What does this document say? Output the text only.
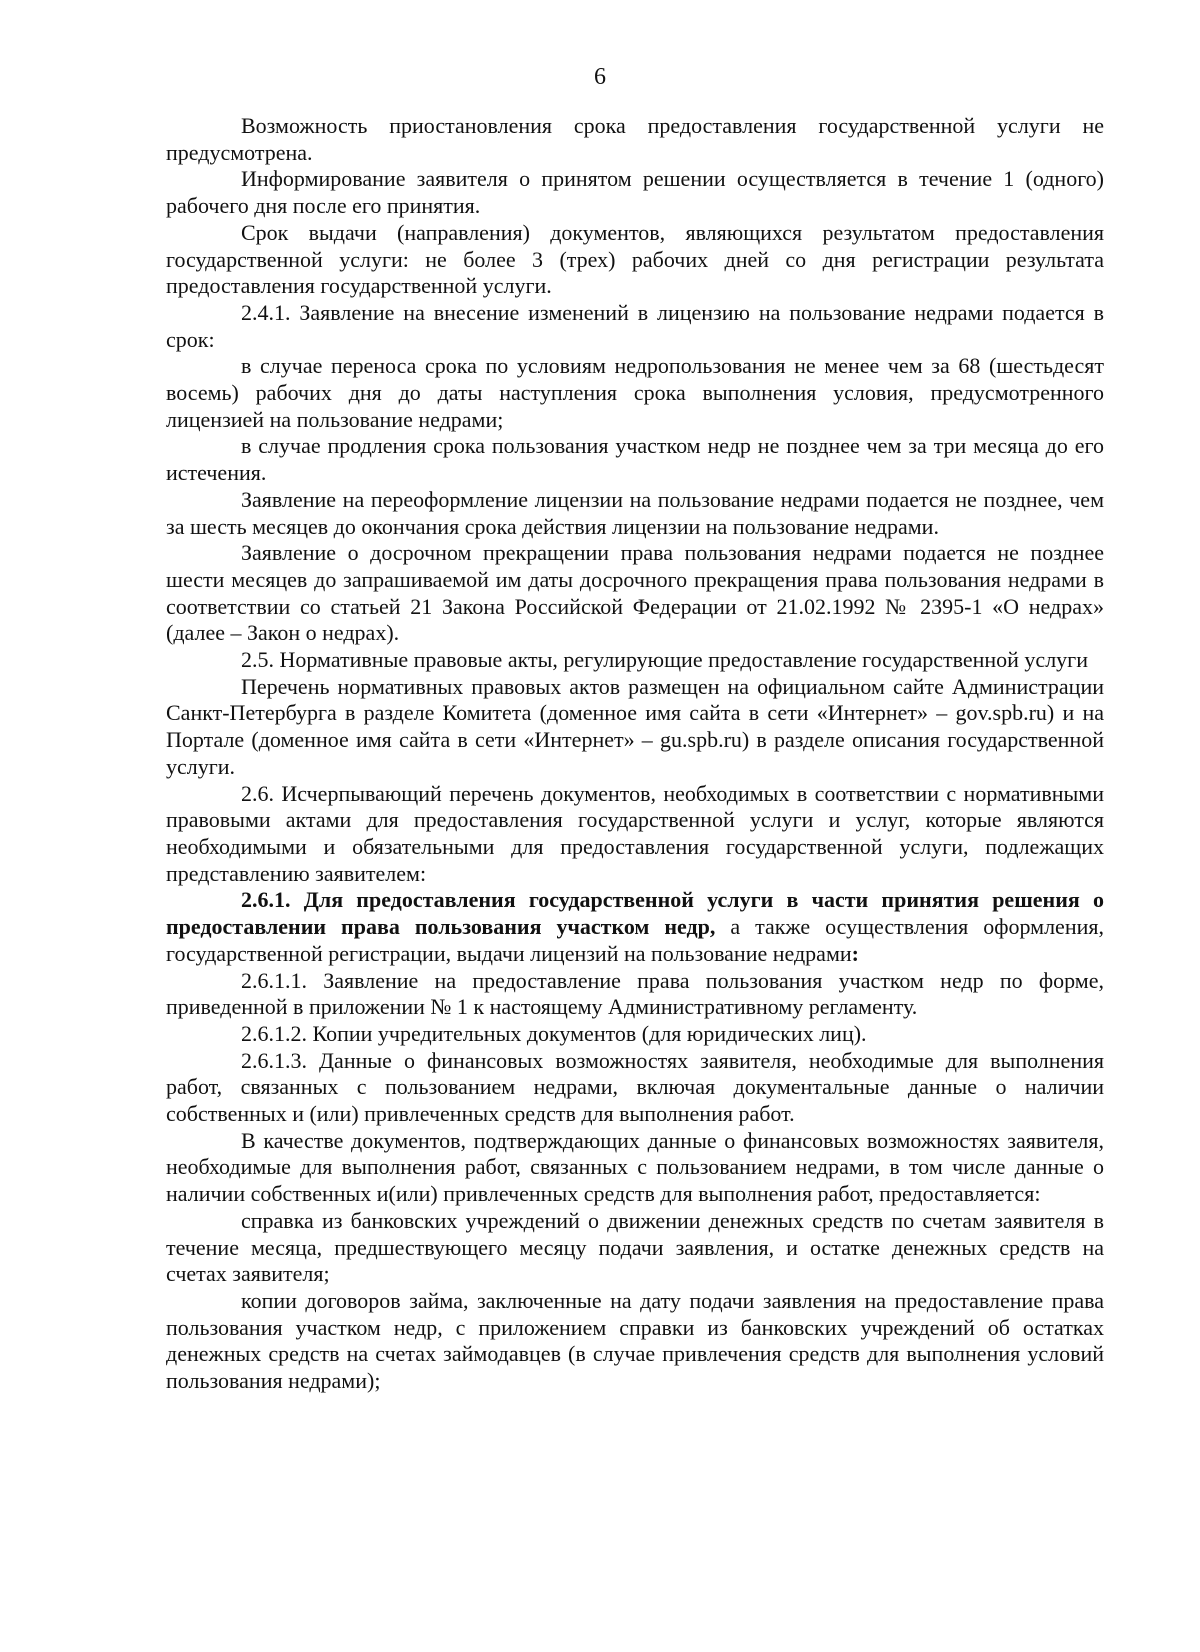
6

Возможность приостановления срока предоставления государственной услуги не предусмотрена.

Информирование заявителя о принятом решении осуществляется в течение 1 (одного) рабочего дня после его принятия.

Срок выдачи (направления) документов, являющихся результатом предоставления государственной услуги: не более 3 (трех) рабочих дней со дня регистрации результата предоставления государственной услуги.

2.4.1. Заявление на внесение изменений в лицензию на пользование недрами подается в срок:

в случае переноса срока по условиям недропользования не менее чем за 68 (шестьдесят восемь) рабочих дня до даты наступления срока выполнения условия, предусмотренного лицензией на пользование недрами;

в случае продления срока пользования участком недр не позднее чем за три месяца до его истечения.

Заявление на переоформление лицензии на пользование недрами подается не позднее, чем за шесть месяцев до окончания срока действия лицензии на пользование недрами.

Заявление о досрочном прекращении права пользования недрами подается не позднее шести месяцев до запрашиваемой им даты досрочного прекращения права пользования недрами в соответствии со статьей 21 Закона Российской Федерации от 21.02.1992 № 2395-1 «О недрах» (далее – Закон о недрах).

2.5. Нормативные правовые акты, регулирующие предоставление государственной услуги

Перечень нормативных правовых актов размещен на официальном сайте Администрации Санкт-Петербурга в разделе Комитета (доменное имя сайта в сети «Интернет» – gov.spb.ru) и на Портале (доменное имя сайта в сети «Интернет» – gu.spb.ru) в разделе описания государственной услуги.

2.6. Исчерпывающий перечень документов, необходимых в соответствии с нормативными правовыми актами для предоставления государственной услуги и услуг, которые являются необходимыми и обязательными для предоставления государственной услуги, подлежащих представлению заявителем:

2.6.1. Для предоставления государственной услуги в части принятия решения о предоставлении права пользования участком недр, а также осуществления оформления, государственной регистрации, выдачи лицензий на пользование недрами:

2.6.1.1. Заявление на предоставление права пользования участком недр по форме, приведенной в приложении № 1 к настоящему Административному регламенту.

2.6.1.2. Копии учредительных документов (для юридических лиц).

2.6.1.3. Данные о финансовых возможностях заявителя, необходимые для выполнения работ, связанных с пользованием недрами, включая документальные данные о наличии собственных и (или) привлеченных средств для выполнения работ.

В качестве документов, подтверждающих данные о финансовых возможностях заявителя, необходимые для выполнения работ, связанных с пользованием недрами, в том числе данные о наличии собственных и(или) привлеченных средств для выполнения работ, предоставляется:

справка из банковских учреждений о движении денежных средств по счетам заявителя в течение месяца, предшествующего месяцу подачи заявления, и остатке денежных средств на счетах заявителя;

копии договоров займа, заключенные на дату подачи заявления на предоставление права пользования участком недр, с приложением справки из банковских учреждений об остатках денежных средств на счетах займодавцев (в случае привлечения средств для выполнения условий пользования недрами);
